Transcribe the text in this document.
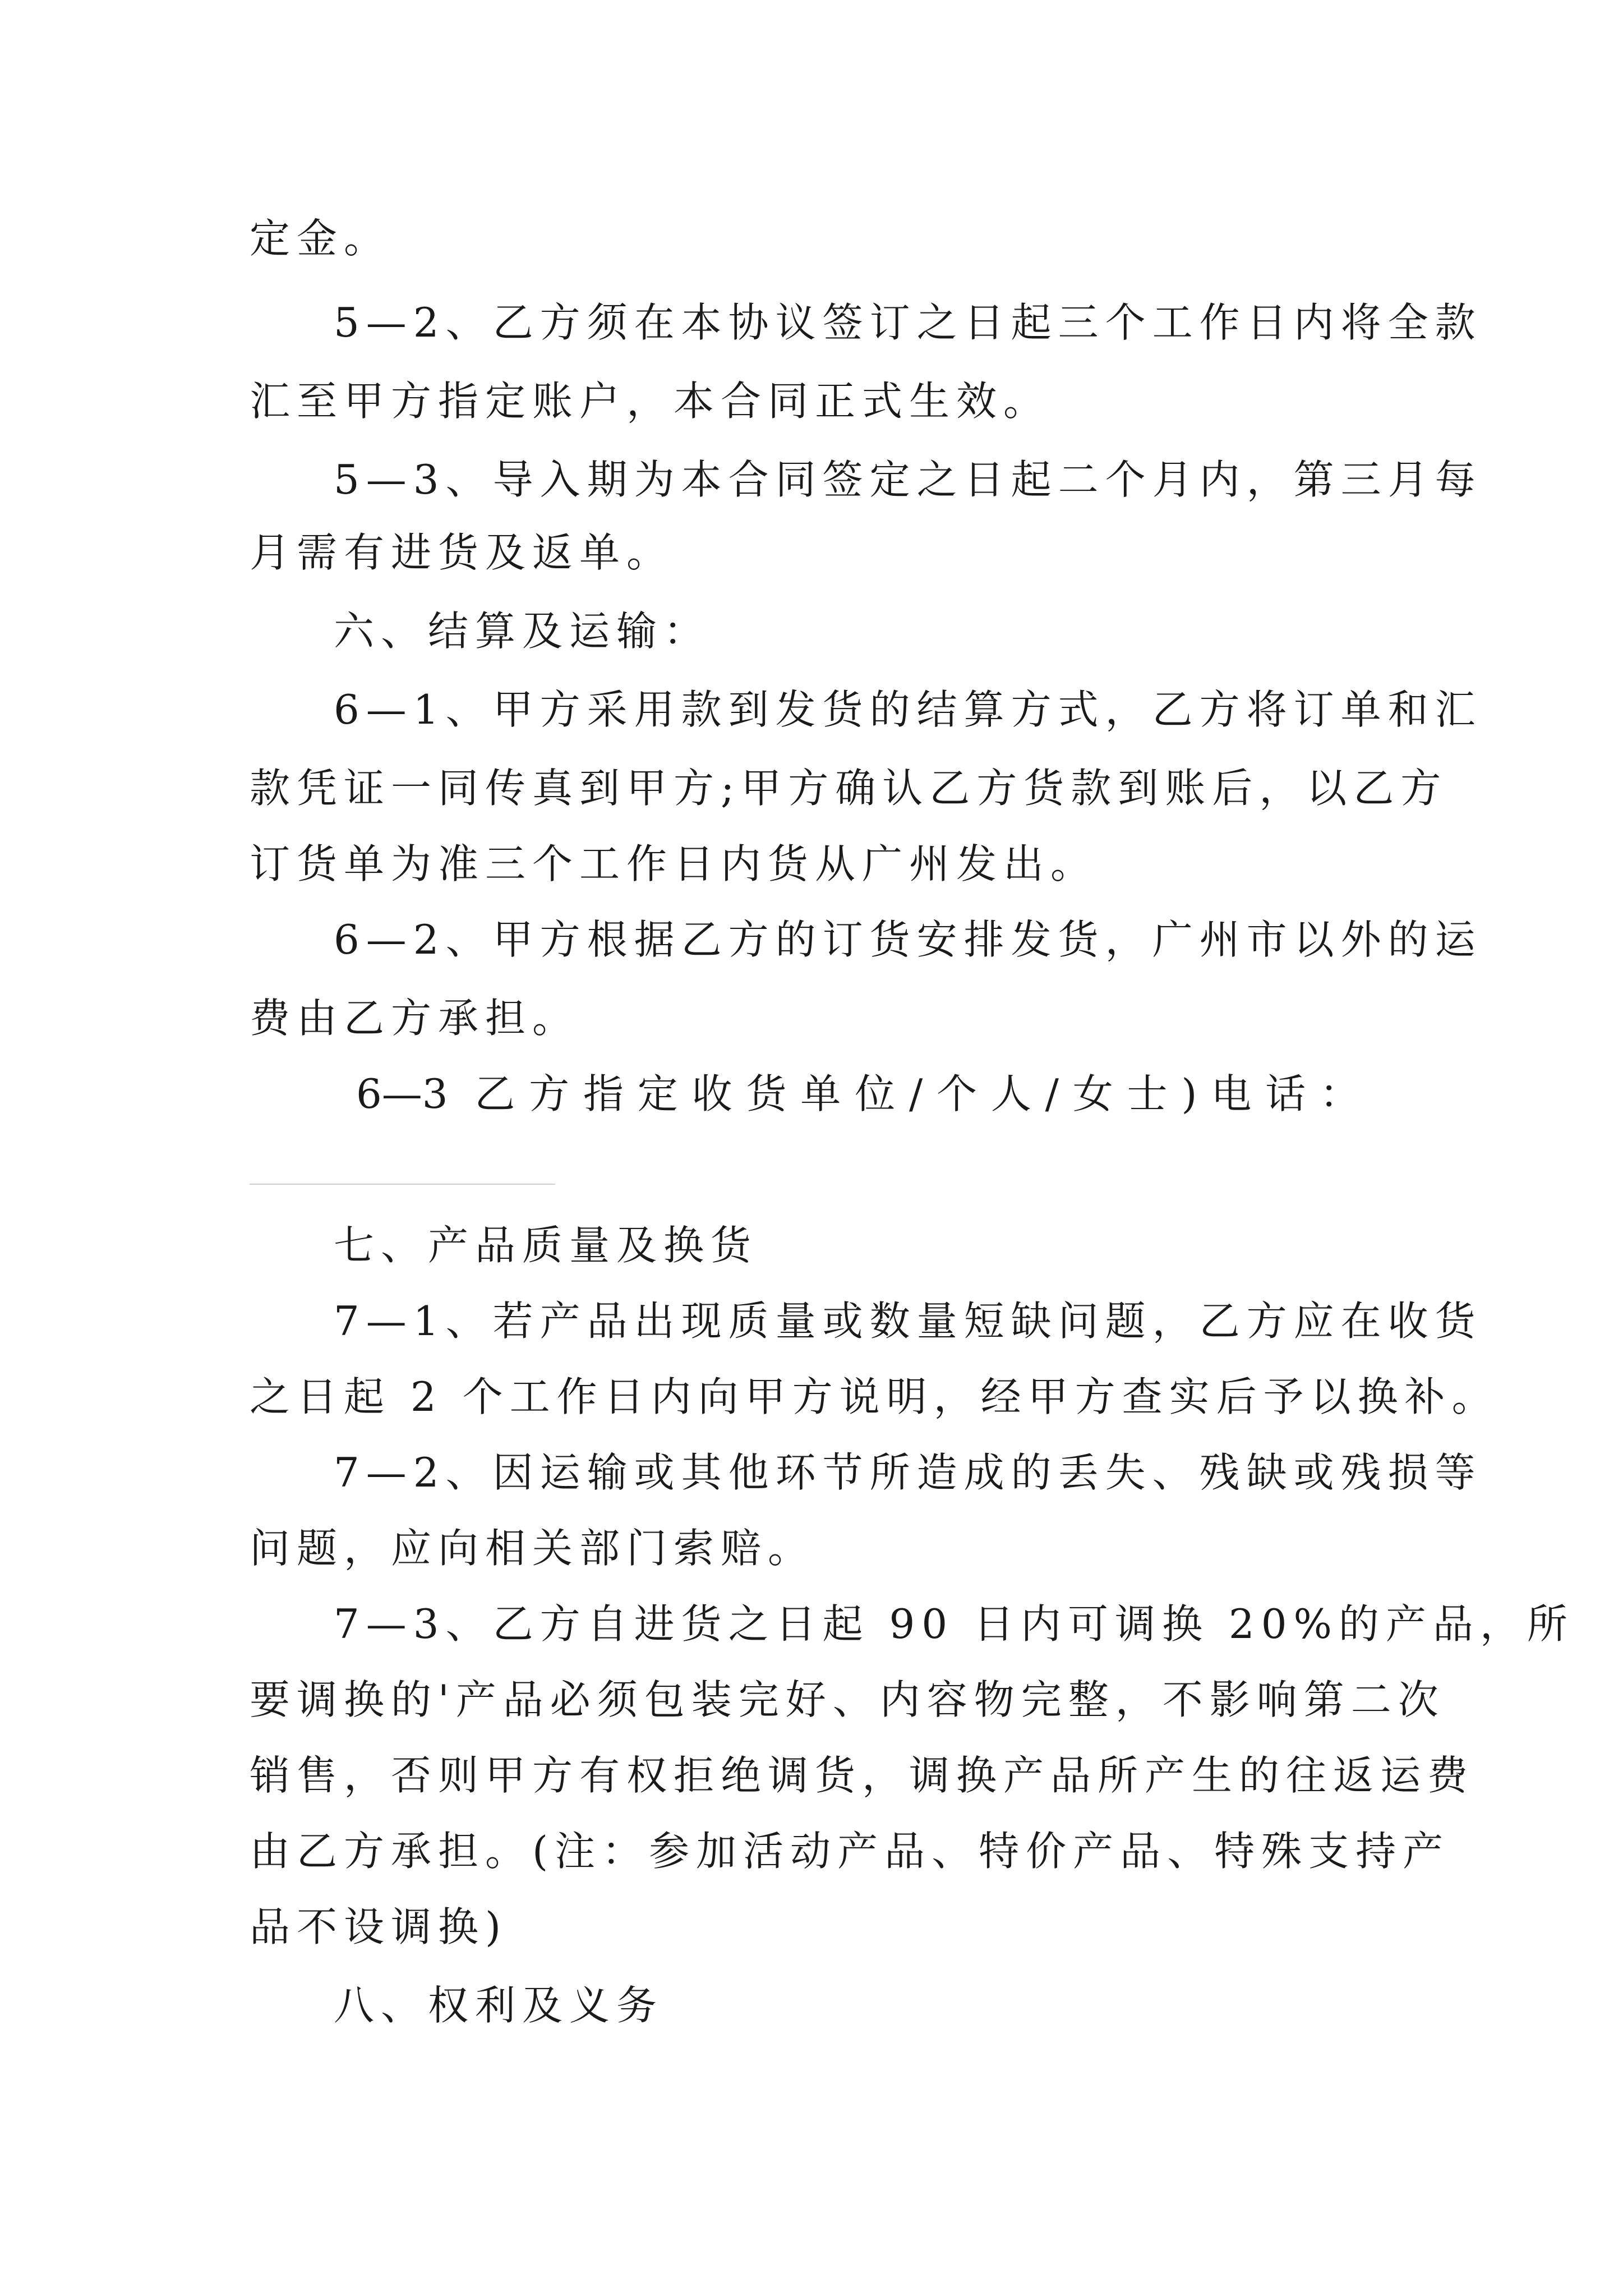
定金。
5—2、乙方须在本协议签订之日起三个工作日内将全款
汇至甲方指定账户，本合同正式生效。
5—3、导入期为本合同签定之日起二个月内，第三月每
月需有进货及返单。
六、结算及运输：
6—1、甲方采用款到发货的结算方式，乙方将订单和汇
款凭证一同传真到甲方;甲方确认乙方货款到账后，以乙方
订货单为准三个工作日内货从广州发出。
6—2、甲方根据乙方的订货安排发货，广州市以外的运
费由乙方承担。
6—3 乙方指定收货单位/个人/女士)电话：
七、产品质量及换货
7—1、若产品出现质量或数量短缺问题，乙方应在收货
之日起 2 个工作日内向甲方说明，经甲方查实后予以换补。
7—2、因运输或其他环节所造成的丢失、残缺或残损等
问题，应向相关部门索赔。
7—3、乙方自进货之日起 90 日内可调换 20%的产品，所
要调换的'产品必须包装完好、内容物完整，不影响第二次
销售，否则甲方有权拒绝调货，调换产品所产生的往返运费
由乙方承担。(注：参加活动产品、特价产品、特殊支持产
品不设调换)
八、权利及义务
